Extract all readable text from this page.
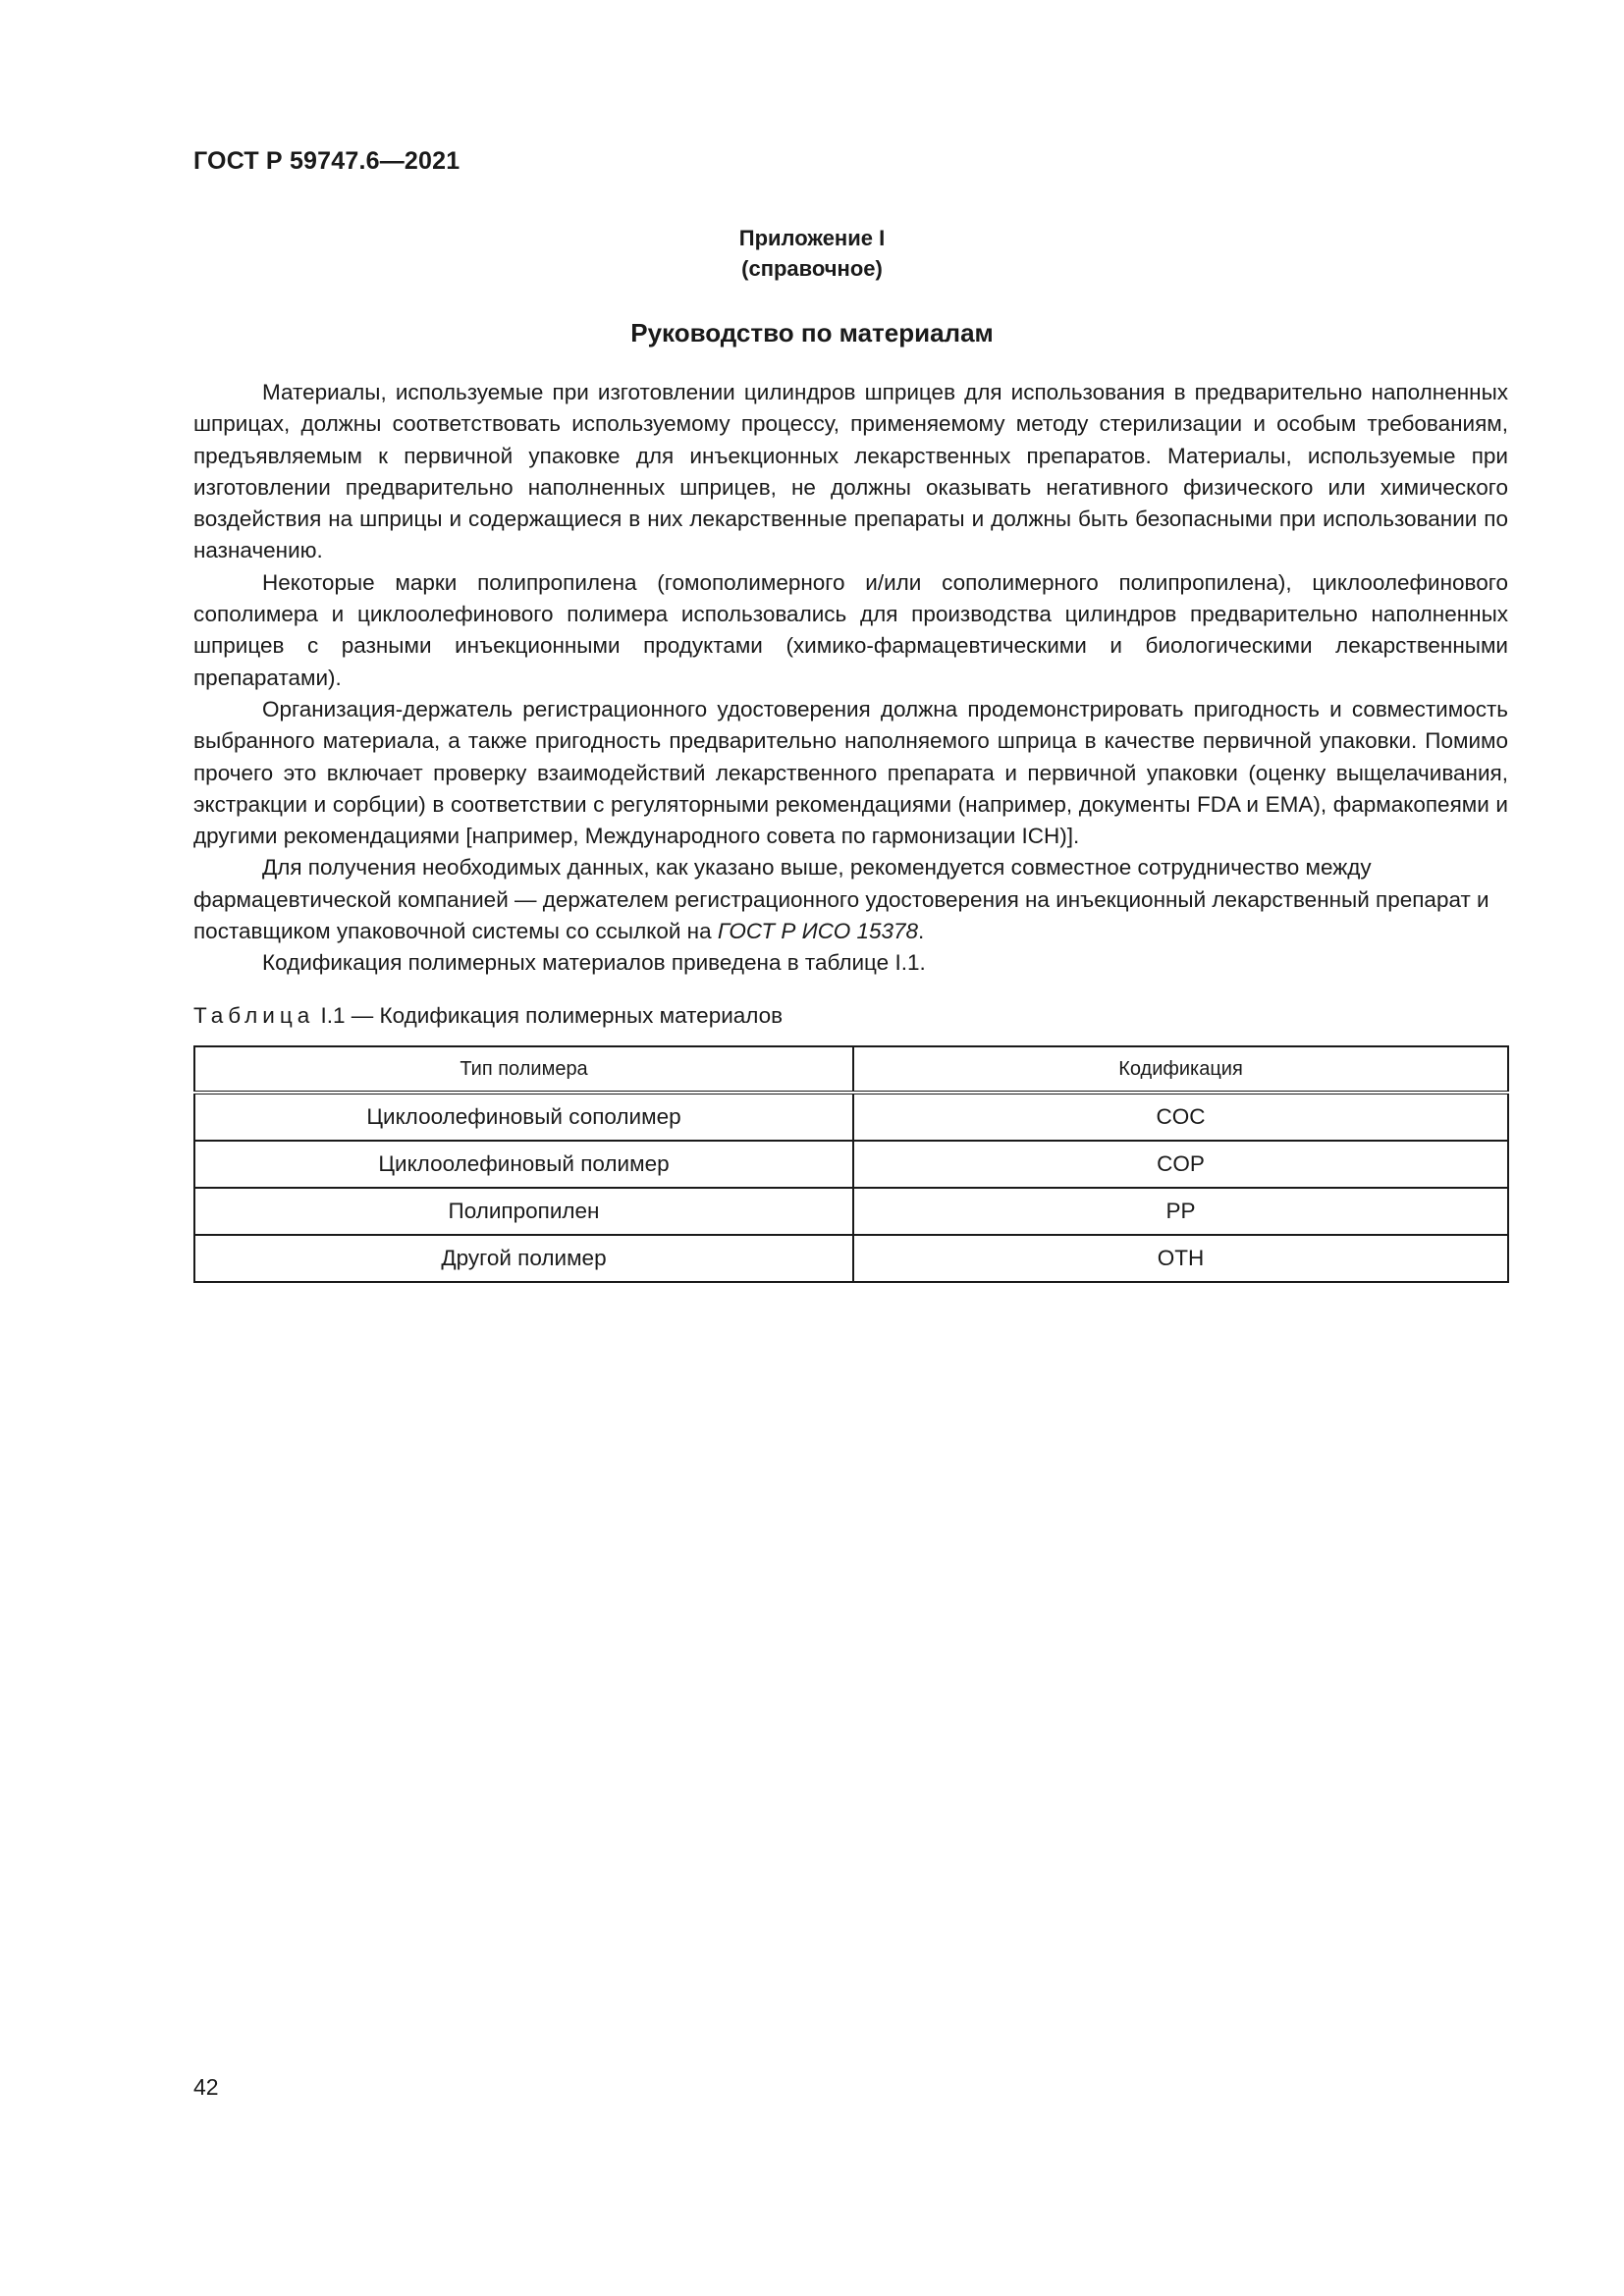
ГОСТ Р 59747.6—2021
Приложение I
(справочное)
Руководство по материалам

Материалы, используемые при изготовлении цилиндров шприцев для использования в предварительно наполненных шприцах, должны соответствовать используемому процессу, применяемому методу стерилизации и особым требованиям, предъявляемым к первичной упаковке для инъекционных лекарственных препаратов. Материалы, используемые при изготовлении предварительно наполненных шприцев, не должны оказывать негативного физического или химического воздействия на шприцы и содержащиеся в них лекарственные препараты и должны быть безопасными при использовании по назначению.

Некоторые марки полипропилена (гомополимерного и/или сополимерного полипропилена), циклоолефинового сополимера и циклоолефинового полимера использовались для производства цилиндров предварительно наполненных шприцев с разными инъекционными продуктами (химико-фармацевтическими и биологическими лекарственными препаратами).

Организация-держатель регистрационного удостоверения должна продемонстрировать пригодность и совместимость выбранного материала, а также пригодность предварительно наполняемого шприца в качестве первичной упаковки. Помимо прочего это включает проверку взаимодействий лекарственного препарата и первичной упаковки (оценку выщелачивания, экстракции и сорбции) в соответствии с регуляторными рекомендациями (например, документы FDA и EMA), фармакопеями и другими рекомендациями [например, Международного совета по гармонизации ICH)].

Для получения необходимых данных, как указано выше, рекомендуется совместное сотрудничество между фармацевтической компанией — держателем регистрационного удостоверения на инъекционный лекарственный препарат и поставщиком упаковочной системы со ссылкой на ГОСТ Р ИСО 15378.

Кодификация полимерных материалов приведена в таблице I.1.

Таблица I.1 — Кодификация полимерных материалов
Тип полимера	Кодификация
Циклоолефиновый сополимер	COC
Циклоолефиновый полимер	COP
Полипропилен	PP
Другой полимер	OTH
42
